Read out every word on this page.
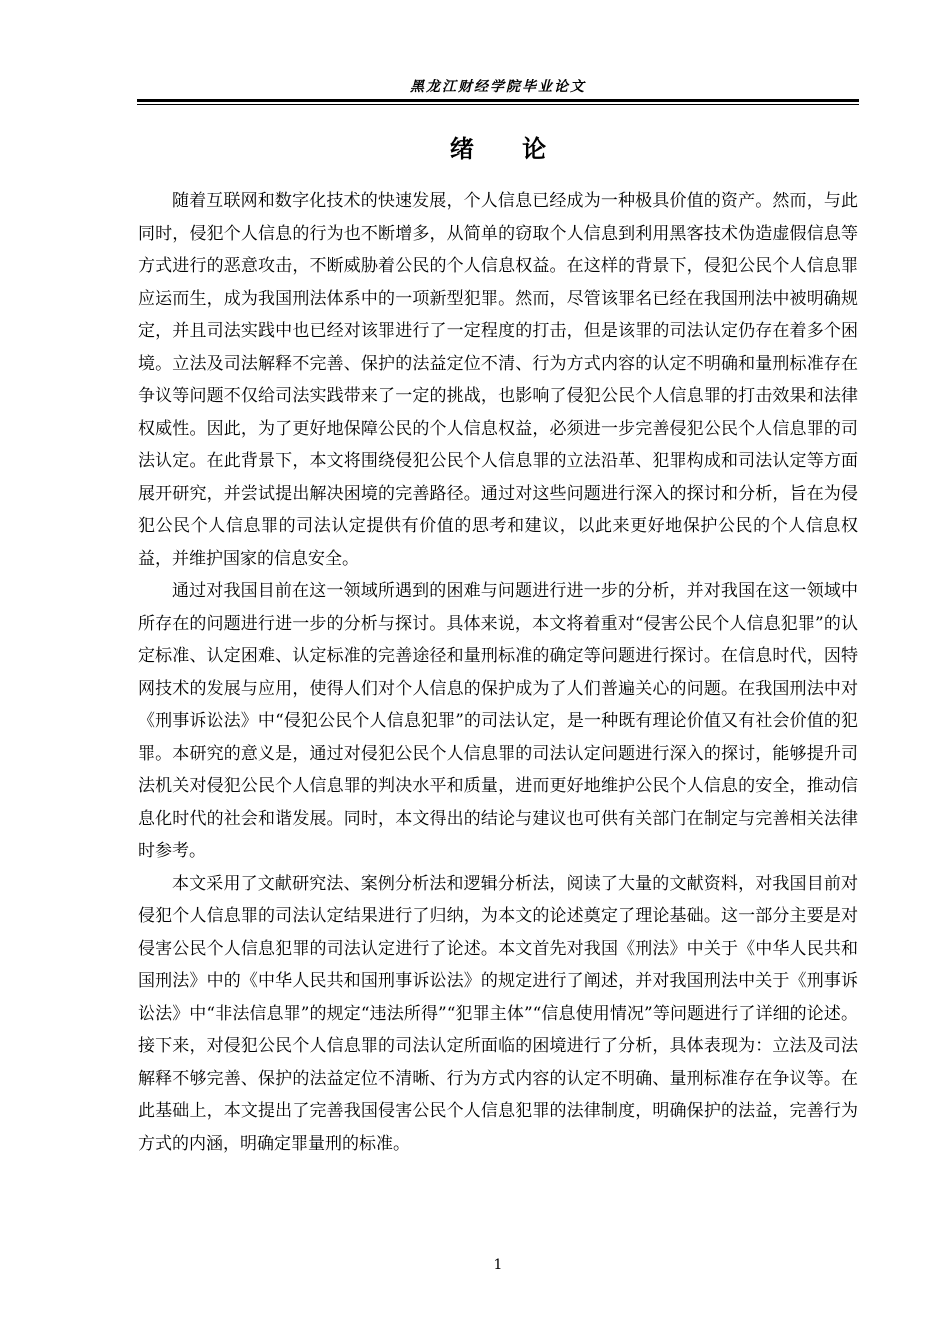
黑龙江财经学院毕业论文
绪 论

随着互联网和数字化技术的快速发展，个人信息已经成为一种极具价值的资产。然而，与此同时，侵犯个人信息的行为也不断增多，从简单的窃取个人信息到利用黑客技术伪造虚假信息等方式进行的恶意攻击，不断威胁着公民的个人信息权益。在这样的背景下，侵犯公民个人信息罪应运而生，成为我国刑法体系中的一项新型犯罪。然而，尽管该罪名已经在我国刑法中被明确规定，并且司法实践中也已经对该罪进行了一定程度的打击，但是该罪的司法认定仍存在着多个困境。立法及司法解释不完善、保护的法益定位不清、行为方式内容的认定不明确和量刑标准存在争议等问题不仅给司法实践带来了一定的挑战，也影响了侵犯公民个人信息罪的打击效果和法律权威性。因此，为了更好地保障公民的个人信息权益，必须进一步完善侵犯公民个人信息罪的司法认定。在此背景下，本文将围绕侵犯公民个人信息罪的立法沿革、犯罪构成和司法认定等方面展开研究，并尝试提出解决困境的完善路径。通过对这些问题进行深入的探讨和分析，旨在为侵犯公民个人信息罪的司法认定提供有价值的思考和建议，以此来更好地保护公民的个人信息权益，并维护国家的信息安全。

通过对我国目前在这一领域所遇到的困难与问题进行进一步的分析，并对我国在这一领域中所存在的问题进行进一步的分析与探讨。具体来说，本文将着重对“侵害公民个人信息犯罪”的认定标准、认定困难、认定标准的完善途径和量刑标准的确定等问题进行探讨。在信息时代，因特网技术的发展与应用，使得人们对个人信息的保护成为了人们普遍关心的问题。在我国刑法中对《刑事诉讼法》中“侵犯公民个人信息犯罪”的司法认定，是一种既有理论价值又有社会价值的犯罪。本研究的意义是，通过对侵犯公民个人信息罪的司法认定问题进行深入的探讨，能够提升司法机关对侵犯公民个人信息罪的判决水平和质量，进而更好地维护公民个人信息的安全，推动信息化时代的社会和谐发展。同时，本文得出的结论与建议也可供有关部门在制定与完善相关法律时参考。

本文采用了文献研究法、案例分析法和逻辑分析法，阅读了大量的文献资料，对我国目前对侵犯个人信息罪的司法认定结果进行了归纳，为本文的论述奠定了理论基础。这一部分主要是对侵害公民个人信息犯罪的司法认定进行了论述。本文首先对我国《刑法》中关于《中华人民共和国刑法》中的《中华人民共和国刑事诉讼法》的规定进行了阐述，并对我国刑法中关于《刑事诉讼法》中“非法信息罪”的规定“违法所得”“犯罪主体”“信息使用情况”等问题进行了详细的论述。接下来，对侵犯公民个人信息罪的司法认定所面临的困境进行了分析，具体表现为：立法及司法解释不够完善、保护的法益定位不清晰、行为方式内容的认定不明确、量刑标准存在争议等。在此基础上，本文提出了完善我国侵害公民个人信息犯罪的法律制度，明确保护的法益，完善行为方式的内涵，明确定罪量刑的标准。

1
